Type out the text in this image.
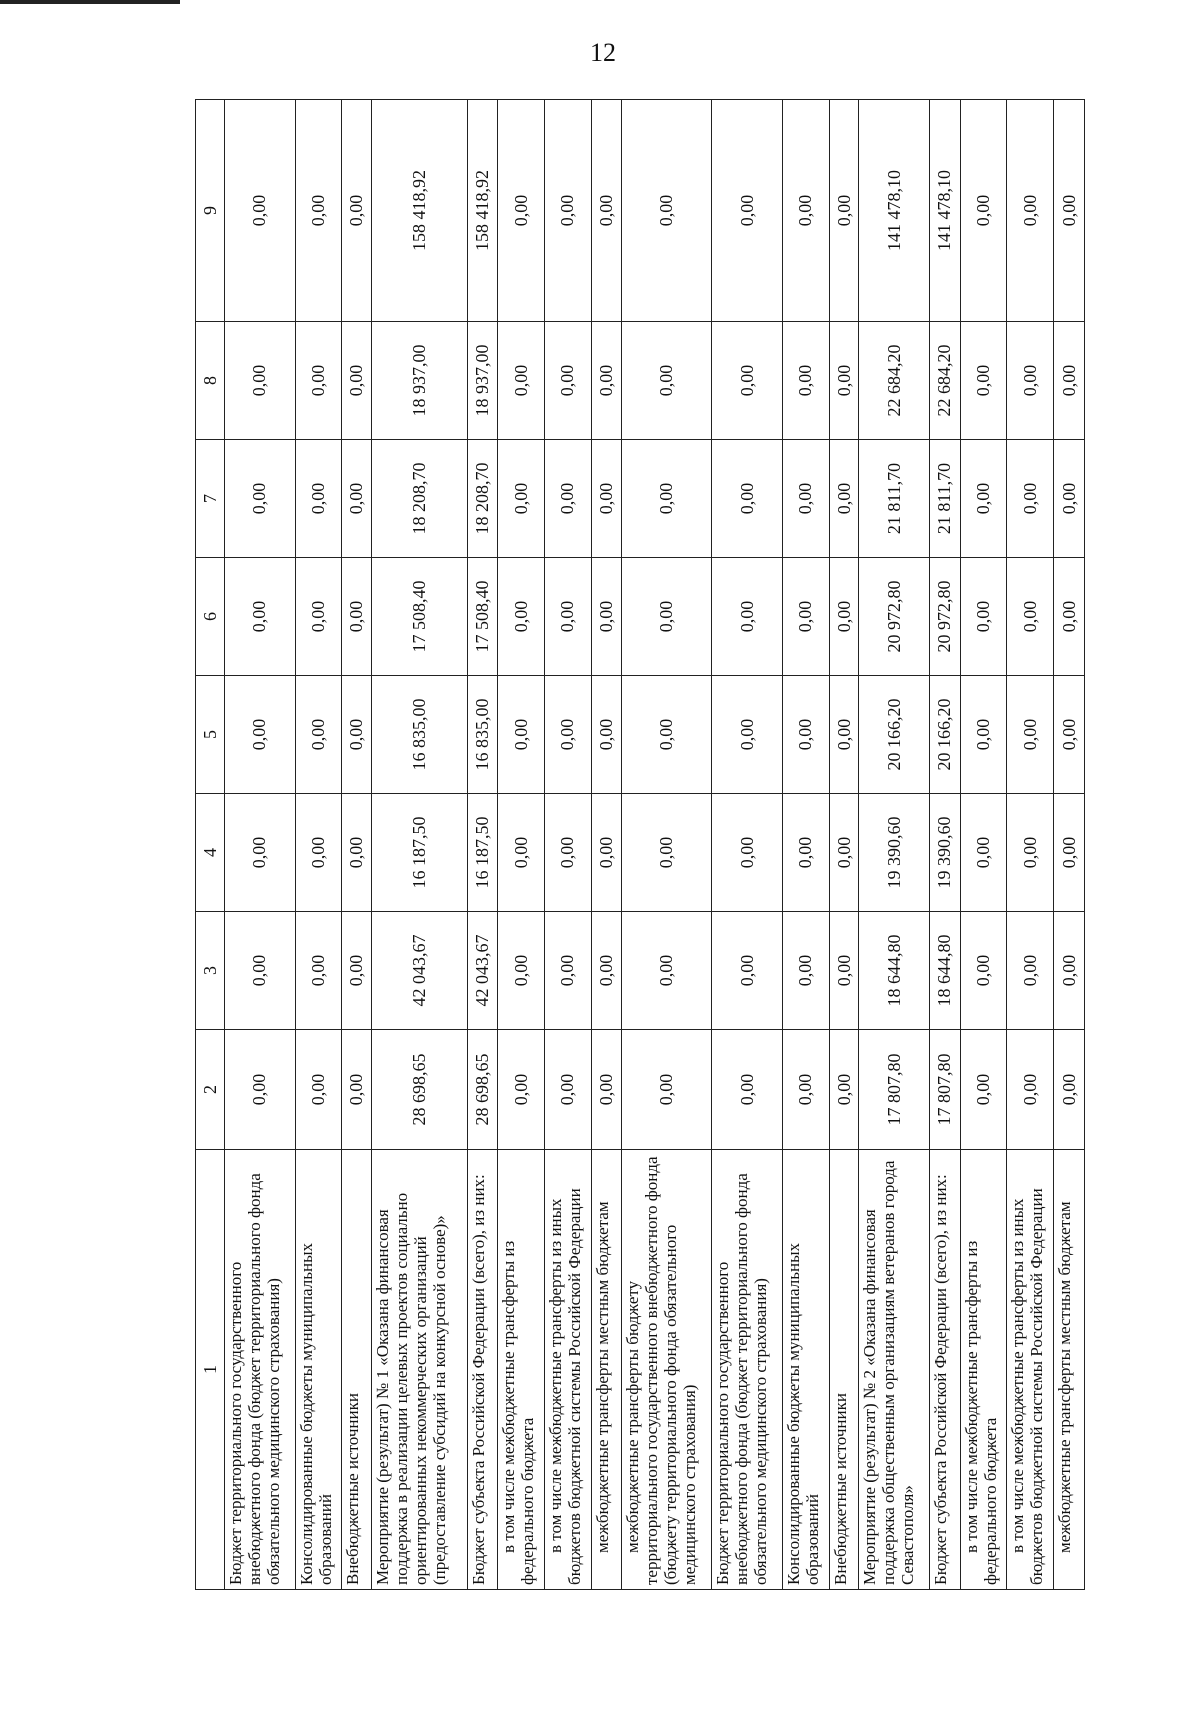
12
1	2	3	4	5	6	7	8	9
Бюджет территориального государственного внебюджетного фонда (бюджет территориального фонда обязательного медицинского страхования)	0,00	0,00	0,00	0,00	0,00	0,00	0,00	0,00
Консолидированные бюджеты муниципальных образований	0,00	0,00	0,00	0,00	0,00	0,00	0,00	0,00
Внебюджетные источники	0,00	0,00	0,00	0,00	0,00	0,00	0,00	0,00
Мероприятие (результат) № 1 «Оказана финансовая поддержка в реализации целевых проектов социально ориентированных некоммерческих организаций (предоставление субсидий на конкурсной основе)»	28 698,65	42 043,67	16 187,50	16 835,00	17 508,40	18 208,70	18 937,00	158 418,92
Бюджет субъекта Российской Федерации (всего), из них:	28 698,65	42 043,67	16 187,50	16 835,00	17 508,40	18 208,70	18 937,00	158 418,92
в том числе межбюджетные трансферты из федерального бюджета	0,00	0,00	0,00	0,00	0,00	0,00	0,00	0,00
в том числе межбюджетные трансферты из иных бюджетов бюджетной системы Российской Федерации	0,00	0,00	0,00	0,00	0,00	0,00	0,00	0,00
межбюджетные трансферты местным бюджетам	0,00	0,00	0,00	0,00	0,00	0,00	0,00	0,00
межбюджетные трансферты бюджету территориального государственного внебюджетного фонда (бюджету территориального фонда обязательного медицинского страхования)	0,00	0,00	0,00	0,00	0,00	0,00	0,00	0,00
Бюджет территориального государственного внебюджетного фонда (бюджет территориального фонда обязательного медицинского страхования)	0,00	0,00	0,00	0,00	0,00	0,00	0,00	0,00
Консолидированные бюджеты муниципальных образований	0,00	0,00	0,00	0,00	0,00	0,00	0,00	0,00
Внебюджетные источники	0,00	0,00	0,00	0,00	0,00	0,00	0,00	0,00
Мероприятие (результат) № 2 «Оказана финансовая поддержка общественным организациям ветеранов города Севастополя»	17 807,80	18 644,80	19 390,60	20 166,20	20 972,80	21 811,70	22 684,20	141 478,10
Бюджет субъекта Российской Федерации (всего), из них:	17 807,80	18 644,80	19 390,60	20 166,20	20 972,80	21 811,70	22 684,20	141 478,10
в том числе межбюджетные трансферты из федерального бюджета	0,00	0,00	0,00	0,00	0,00	0,00	0,00	0,00
в том числе межбюджетные трансферты из иных бюджетов бюджетной системы Российской Федерации	0,00	0,00	0,00	0,00	0,00	0,00	0,00	0,00
межбюджетные трансферты местным бюджетам	0,00	0,00	0,00	0,00	0,00	0,00	0,00	0,00
